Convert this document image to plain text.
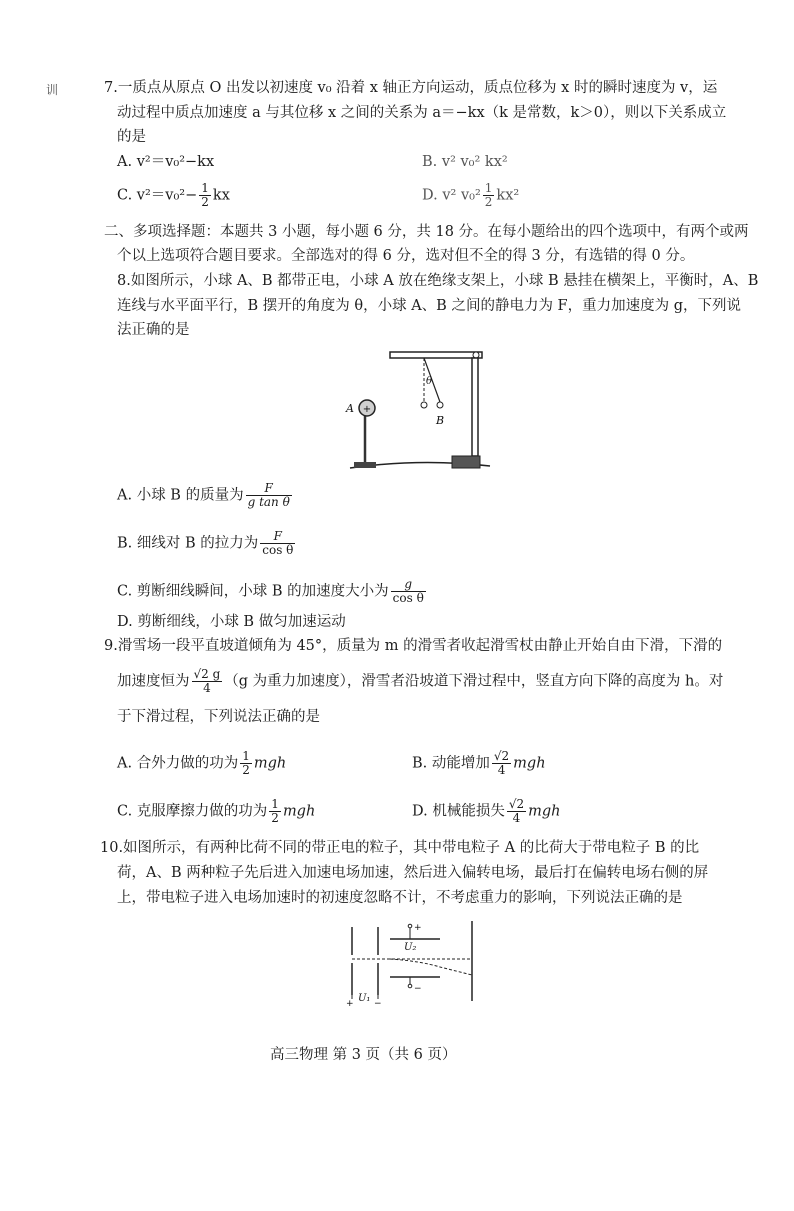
训	7.一质点从原点 O 出发以初速度 v₀ 沿着 x 轴正方向运动，质点位移为 x 时的瞬时速度为 v，运
动过程中质点加速度 a 与其位移 x 之间的关系为 a＝−kx（k 是常数，k＞0），则以下关系成立
的是
A. v²＝v₀²−kx	B. v² v₀² kx²
C. $v^2=v_0^2- \frac{1}{2}$ kx	D. v² $v_0^2 \frac{1}{2} kx^2$
二、多项选择题：本题共 3 小题，每小题 6 分，共 18 分。在每小题给出的四个选项中，有两个或两
个以上选项符合题目要求。全部选对的得 6 分，选对但不全的得 3 分，有选错的得 0 分。
8.如图所示，小球 A、B 都带正电，小球 A 放在绝缘支架上，小球 B 悬挂在横架上，平衡时，A、B
连线与水平面平行，B 摆开的角度为 θ，小球 A、B 之间的静电力为 F，重力加速度为 g，下列说
法正确的是
+
A
θ
B
A. 小球 B 的质量为 $\frac{F}{\text{g tan θ}}$
B. 细线对 B 的拉力为 $\frac{F}{\text{cos θ}}$
C. 剪断细线瞬间，小球 B 的加速度大小为 $\frac{g}{\text{cos θ}}$
D. 剪断细线，小球 B 做匀加速运动
9.滑雪场一段平直坡道倾角为 45°，质量为 m 的滑雪者收起滑雪杖由静止开始自由下滑，下滑的
加速度恒为 $\frac{√2 g}{4} (g$ 为重力加速度），滑雪者沿坡道下滑过程中，竖直方向下降的高度为 h。对
于下滑过程，下列说法正确的是
A. 合外力做的功为 $\frac{1}{2}$ mgh	B. 动能增加 $\frac{√2}{4}$ mgh
C. 克服摩擦力做的功为 $\frac{1}{2}$ mgh	D. 机械能损失 $\frac{√2}{4}$ mgh
10.如图所示，有两种比荷不同的带正电的粒子，其中带电粒子 A 的比荷大于带电粒子 B 的比
荷，A、B 两种粒子先后进入加速电场加速，然后进入偏转电场，最后打在偏转电场右侧的屏
上，带电粒子进入电场加速时的初速度忽略不计，不考虑重力的影响，下列说法正确的是
+ U₁ −
+
U₂
−
高三物理 第 3 页（共 6 页）
